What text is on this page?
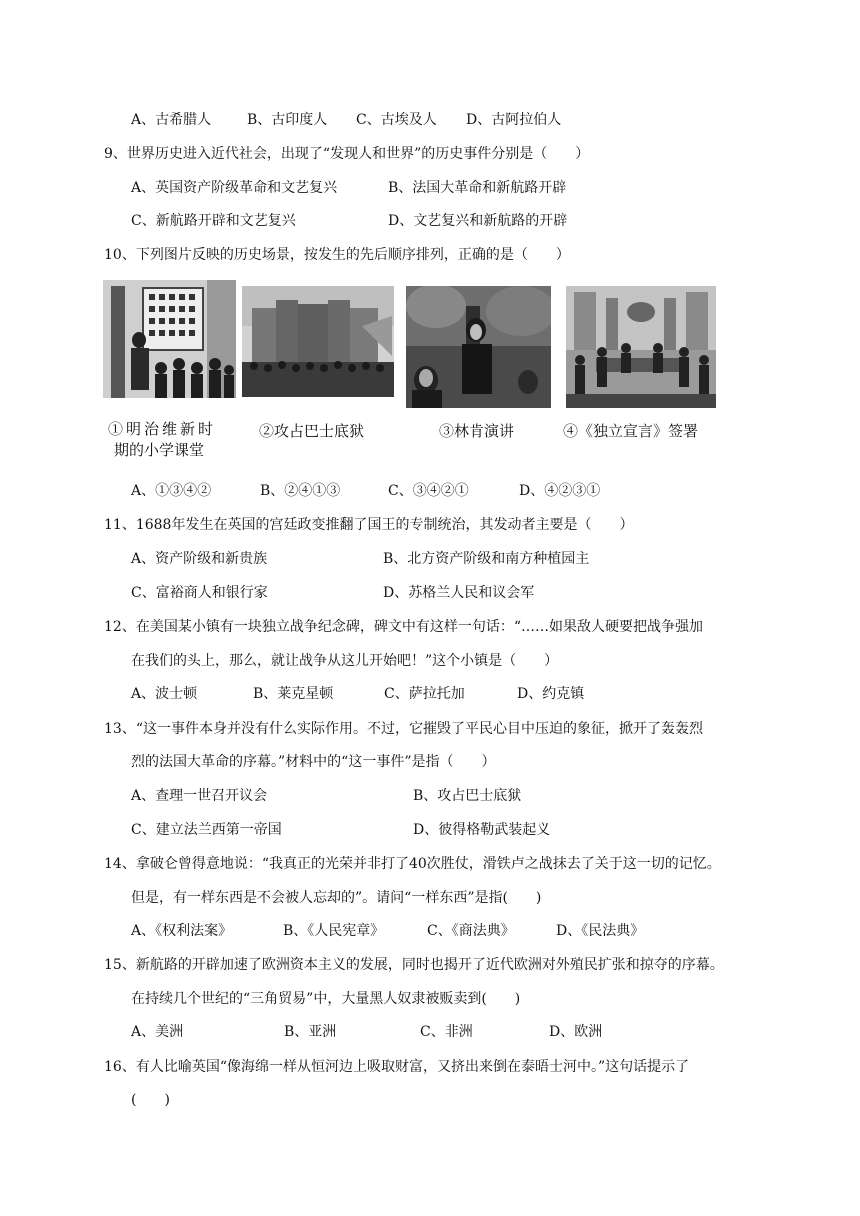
A、古希腊人	B、古印度人 C、古埃及人 D、古阿拉伯人
9、世界历史进入近代社会，出现了“发现人和世界”的历史事件分别是（　　）
A、英国资产阶级革命和文艺复兴	B、法国大革命和新航路开辟
C、新航路开辟和文艺复兴	D、文艺复兴和新航路的开辟
10、下列图片反映的历史场景，按发生的先后顺序排列，正确的是（　　）
①明治维新时
期的小学课堂
②攻占巴士底狱	③林肯演讲	④《独立宣言》签署
A、①③④②	B、②④①③	C、③④②①	D、④②③①
11、1688年发生在英国的宫廷政变推翻了国王的专制统治，其发动者主要是（　　）
A、资产阶级和新贵族	B、北方资产阶级和南方种植园主
C、富裕商人和银行家	D、苏格兰人民和议会军
12、在美国某小镇有一块独立战争纪念碑，碑文中有这样一句话：“……如果敌人硬要把战争强加
在我们的头上，那么，就让战争从这儿开始吧！”这个小镇是（　　）
A、波士顿	B、莱克星顿	C、萨拉托加	D、约克镇
13、“这一事件本身并没有什么实际作用。不过，它摧毁了平民心目中压迫的象征，掀开了轰轰烈
烈的法国大革命的序幕。”材料中的“这一事件”是指（　　）
A、查理一世召开议会	B、攻占巴士底狱
C、建立法兰西第一帝国	D、彼得格勒武装起义
14、拿破仑曾得意地说：“我真正的光荣并非打了40次胜仗，滑铁卢之战抹去了关于这一切的记忆。
但是，有一样东西是不会被人忘却的”。请问“一样东西”是指(　　)
A、《权利法案》	B、《人民宪章》	C、《商法典》	D、《民法典》
15、新航路的开辟加速了欧洲资本主义的发展，同时也揭开了近代欧洲对外殖民扩张和掠夺的序幕。
在持续几个世纪的“三角贸易”中，大量黑人奴隶被贩卖到(　　)
A、美洲	B、亚洲	C、非洲	D、欧洲
16、有人比喻英国“像海绵一样从恒河边上吸取财富，又挤出来倒在泰晤士河中。”这句话提示了
(　　)
